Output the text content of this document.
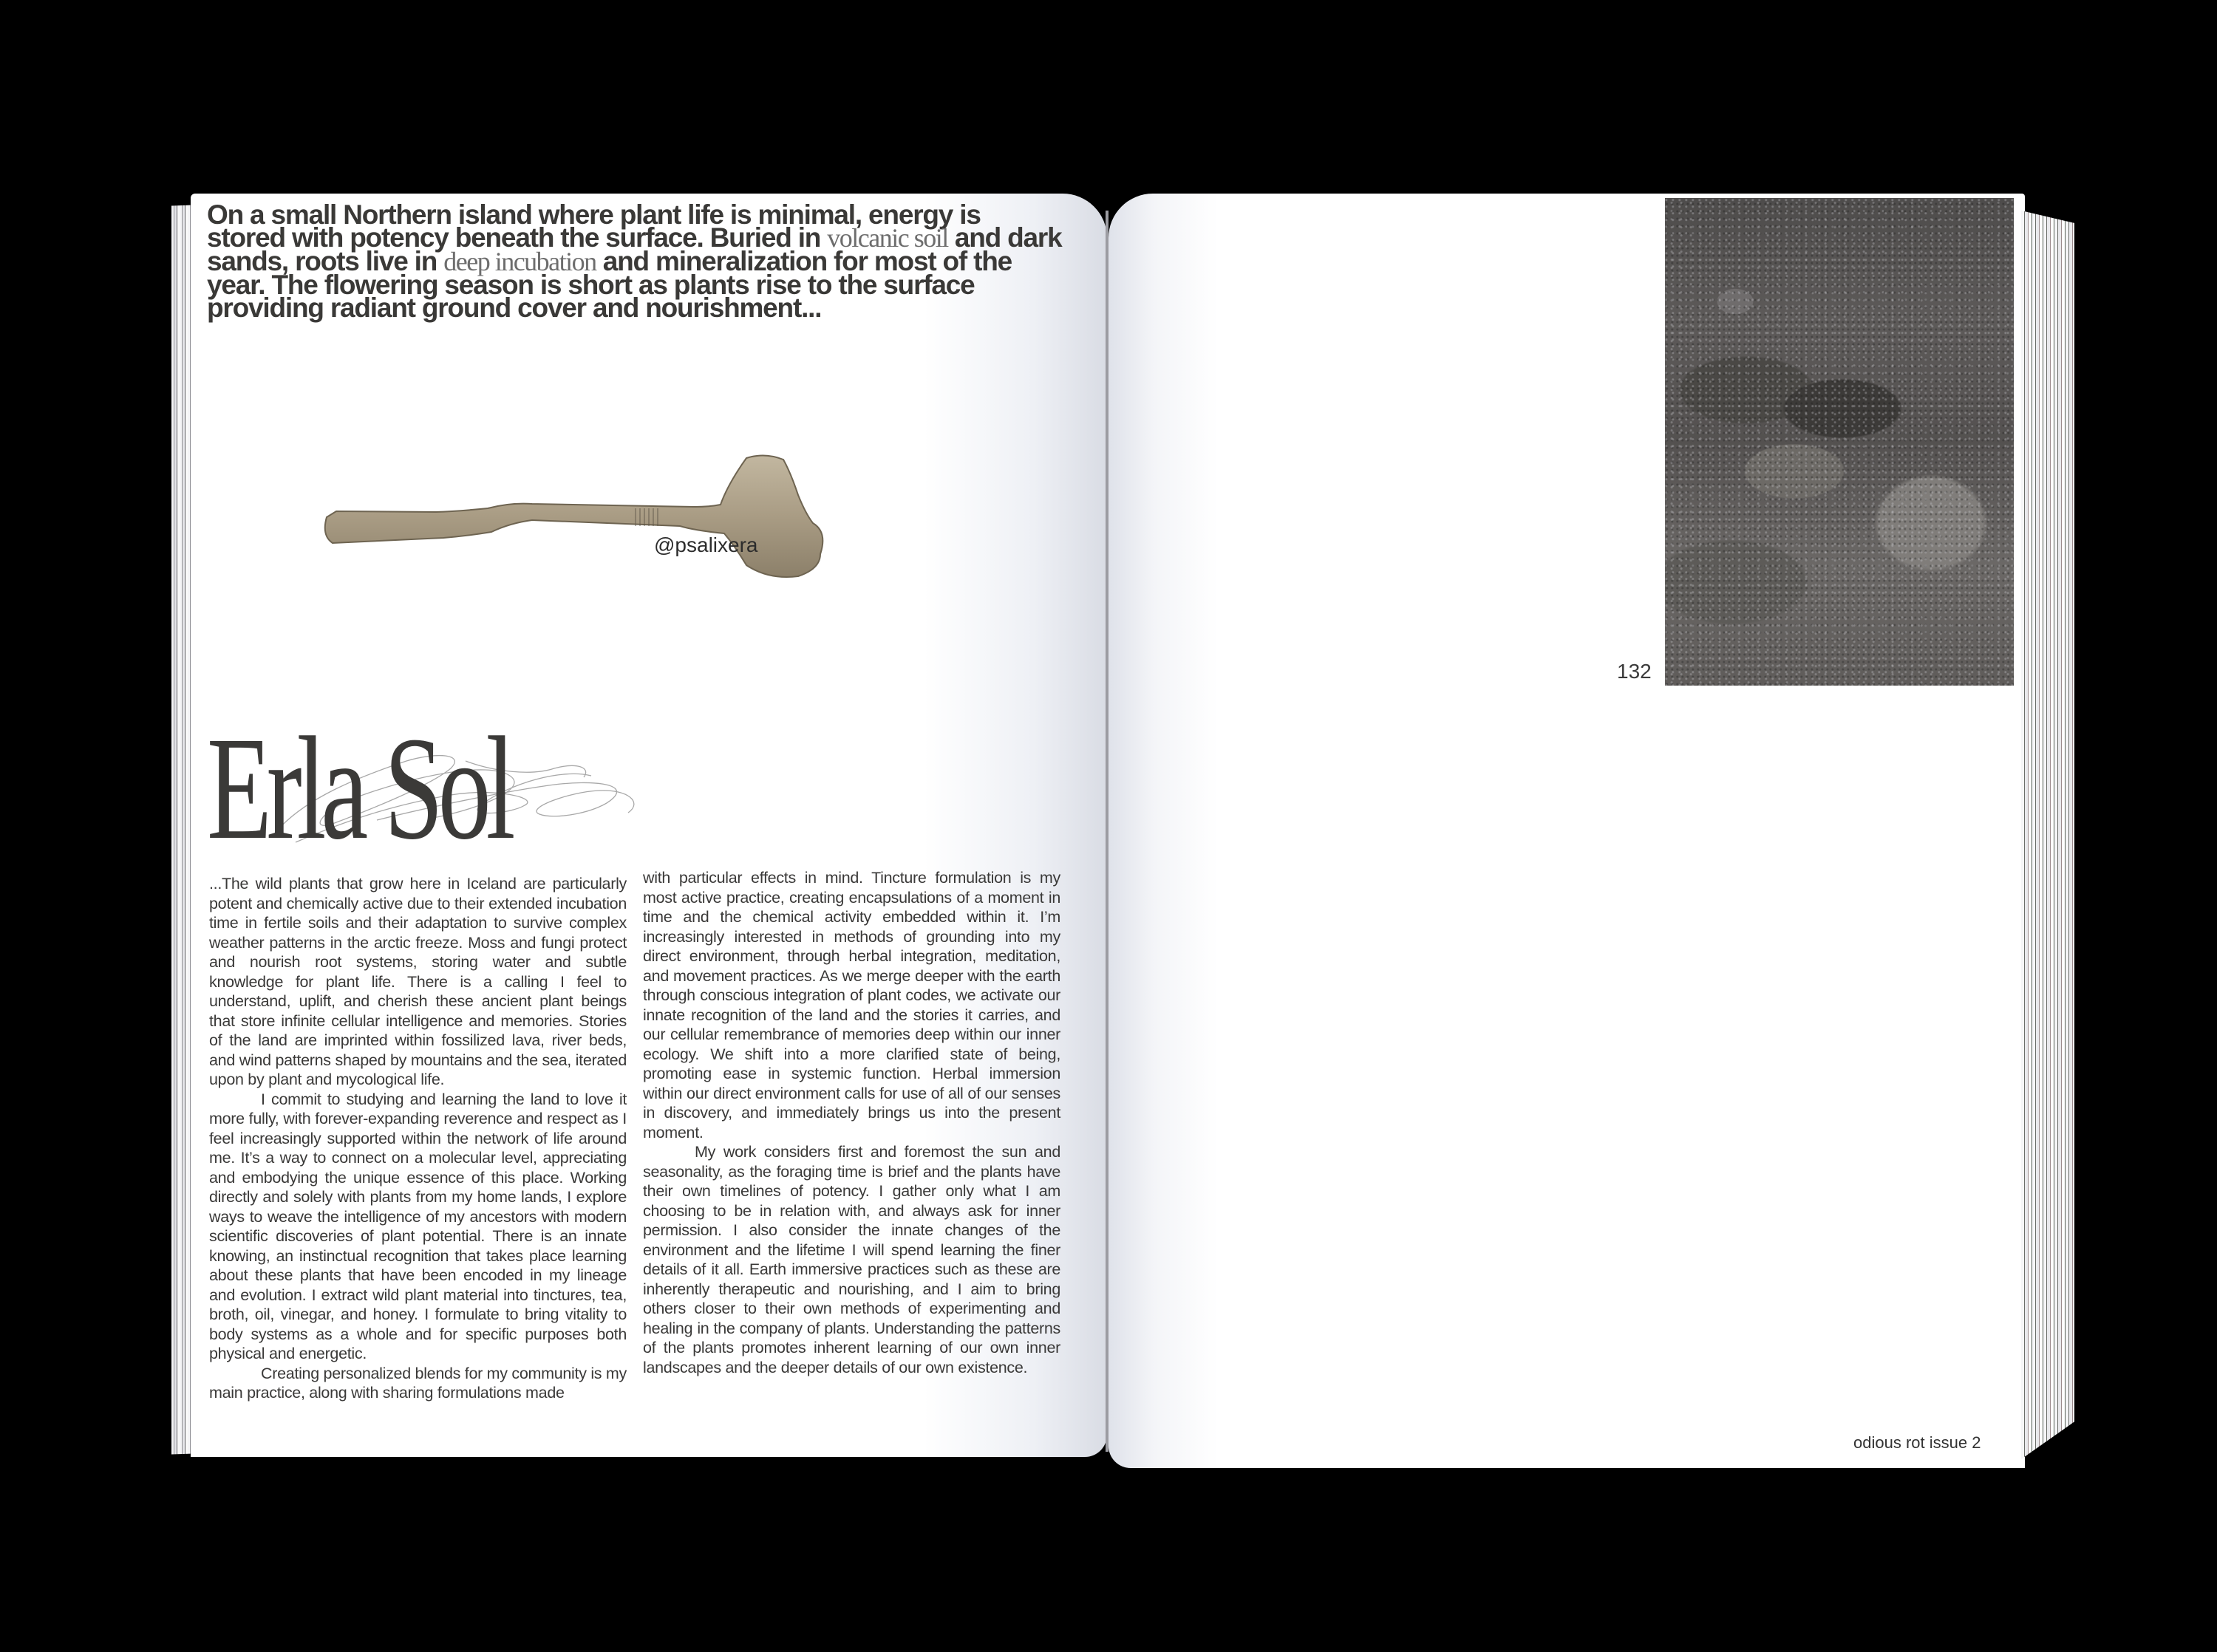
On a small Northern island where plant life is minimal, energy is stored with potency beneath the surface. Buried in volcanic soil and dark sands, roots live in deep incubation and mineralization for most of the year. The flowering season is short as plants rise to the surface providing radiant ground cover and nourishment...
@psalixera
Erla Sol

...The wild plants that grow here in Iceland are particularly potent and chemically active due to their extended incubation time in fertile soils and their adaptation to survive complex weather patterns in the arctic freeze. Moss and fungi protect and nourish root systems, storing water and subtle knowledge for plant life. There is a calling I feel to understand, uplift, and cherish these ancient plant beings that store infinite cellular intelligence and memories. Stories of the land are imprinted within fossilized lava, river beds, and wind patterns shaped by mountains and the sea, iterated upon by plant and mycological life.

I commit to studying and learning the land to love it more fully, with forever-expanding reverence and respect as I feel increasingly supported within the network of life around me. It’s a way to connect on a molecular level, appreciating and embodying the unique essence of this place. Working directly and solely with plants from my home lands, I explore ways to weave the intelligence of my ancestors with modern scientific discoveries of plant potential. There is an innate knowing, an instinctual recognition that takes place learning about these plants that have been encoded in my lineage and evolution. I extract wild plant material into tinctures, tea, broth, oil, vinegar, and honey. I formulate to bring vitality to body systems as a whole and for specific purposes both physical and energetic.

Creating personalized blends for my community is my main practice, along with sharing formulations made

with particular effects in mind. Tincture formulation is my most active practice, creating encapsulations of a moment in time and the chemical activity embedded within it. I’m increasingly interested in methods of grounding into my direct environment, through herbal integration, meditation, and movement practices. As we merge deeper with the earth through conscious integration of plant codes, we activate our innate recognition of the land and the stories it carries, and our cellular remembrance of memories deep within our inner ecology. We shift into a more clarified state of being, promoting ease in systemic function. Herbal immersion within our direct environment calls for use of all of our senses in discovery, and immediately brings us into the present moment.

My work considers first and foremost the sun and seasonality, as the foraging time is brief and the plants have their own timelines of potency. I gather only what I am choosing to be in relation with, and always ask for inner permission. I also consider the innate changes of the environment and the lifetime I will spend learning the finer details of it all. Earth immersive practices such as these are inherently therapeutic and nourishing, and I aim to bring others closer to their own methods of experimenting and healing in the company of plants. Understanding the patterns of the plants promotes inherent learning of our own inner landscapes and the deeper details of our own existence.

132
odious rot issue 2
